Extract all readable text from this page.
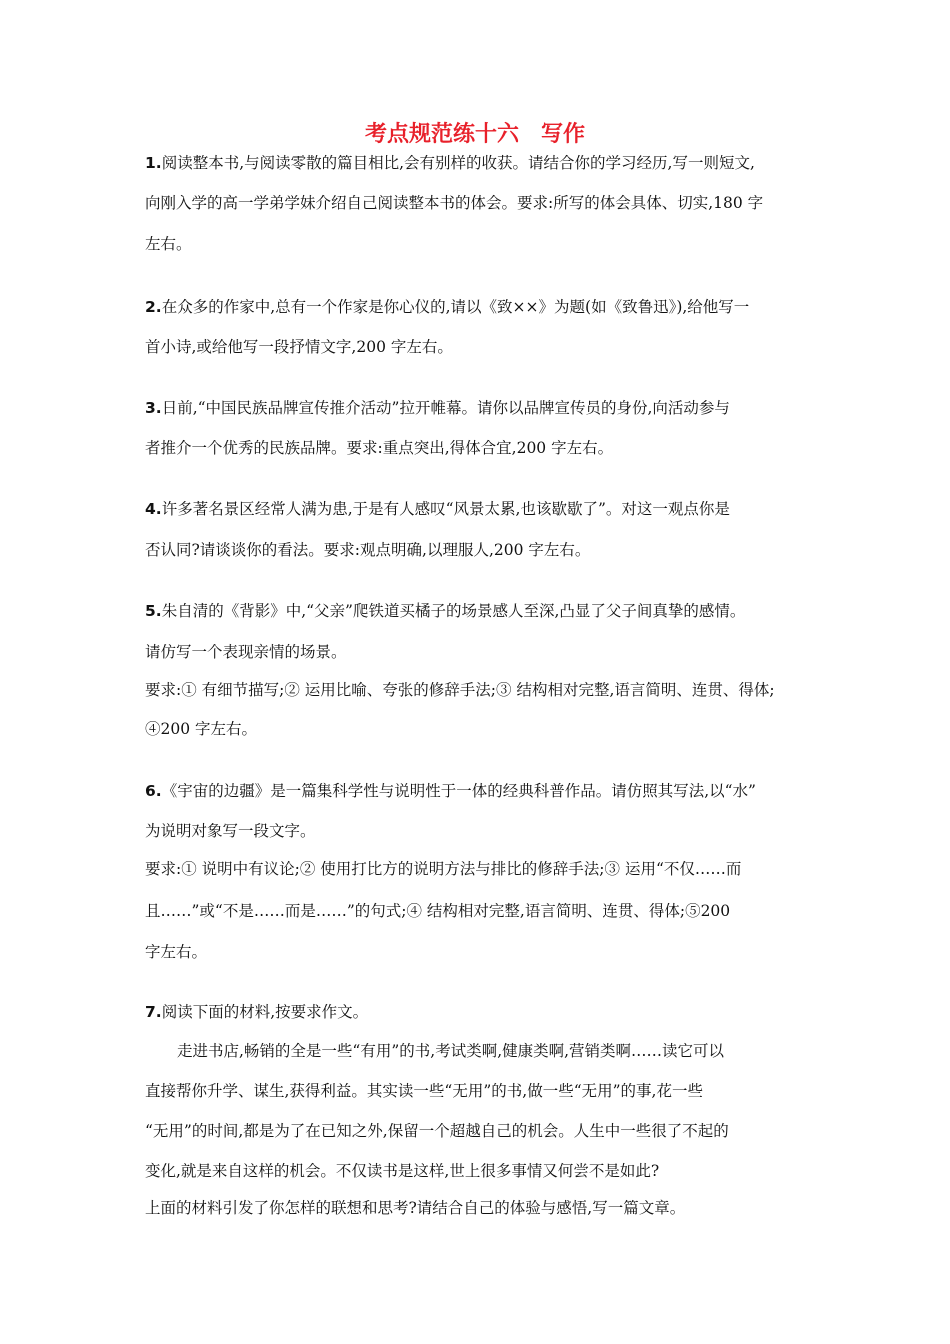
考点规范练十六　写作
1.阅读整本书,与阅读零散的篇目相比,会有别样的收获。请结合你的学习经历,写一则短文,
向刚入学的高一学弟学妹介绍自己阅读整本书的体会。要求:所写的体会具体、切实,180 字
左右。
2.在众多的作家中,总有一个作家是你心仪的,请以《致××》为题(如《致鲁迅》),给他写一
首小诗,或给他写一段抒情文字,200 字左右。
3.日前,“中国民族品牌宣传推介活动”拉开帷幕。请你以品牌宣传员的身份,向活动参与
者推介一个优秀的民族品牌。要求:重点突出,得体合宜,200 字左右。
4.许多著名景区经常人满为患,于是有人感叹“风景太累,也该歇歇了”。对这一观点你是
否认同?请谈谈你的看法。要求:观点明确,以理服人,200 字左右。
5.朱自清的《背影》中,“父亲”爬铁道买橘子的场景感人至深,凸显了父子间真挚的感情。
请仿写一个表现亲情的场景。
要求:① 有细节描写;② 运用比喻、夸张的修辞手法;③ 结构相对完整,语言简明、连贯、得体;
④200 字左右。
6.《宇宙的边疆》是一篇集科学性与说明性于一体的经典科普作品。请仿照其写法,以“水”
为说明对象写一段文字。
要求:① 说明中有议论;② 使用打比方的说明方法与排比的修辞手法;③ 运用“不仅……而
且……”或“不是……而是……”的句式;④ 结构相对完整,语言简明、连贯、得体;⑤200
字左右。
7.阅读下面的材料,按要求作文。
走进书店,畅销的全是一些“有用”的书,考试类啊,健康类啊,营销类啊……读它可以
直接帮你升学、谋生,获得利益。其实读一些“无用”的书,做一些“无用”的事,花一些
“无用”的时间,都是为了在已知之外,保留一个超越自己的机会。人生中一些很了不起的
变化,就是来自这样的机会。不仅读书是这样,世上很多事情又何尝不是如此?
上面的材料引发了你怎样的联想和思考?请结合自己的体验与感悟,写一篇文章。
